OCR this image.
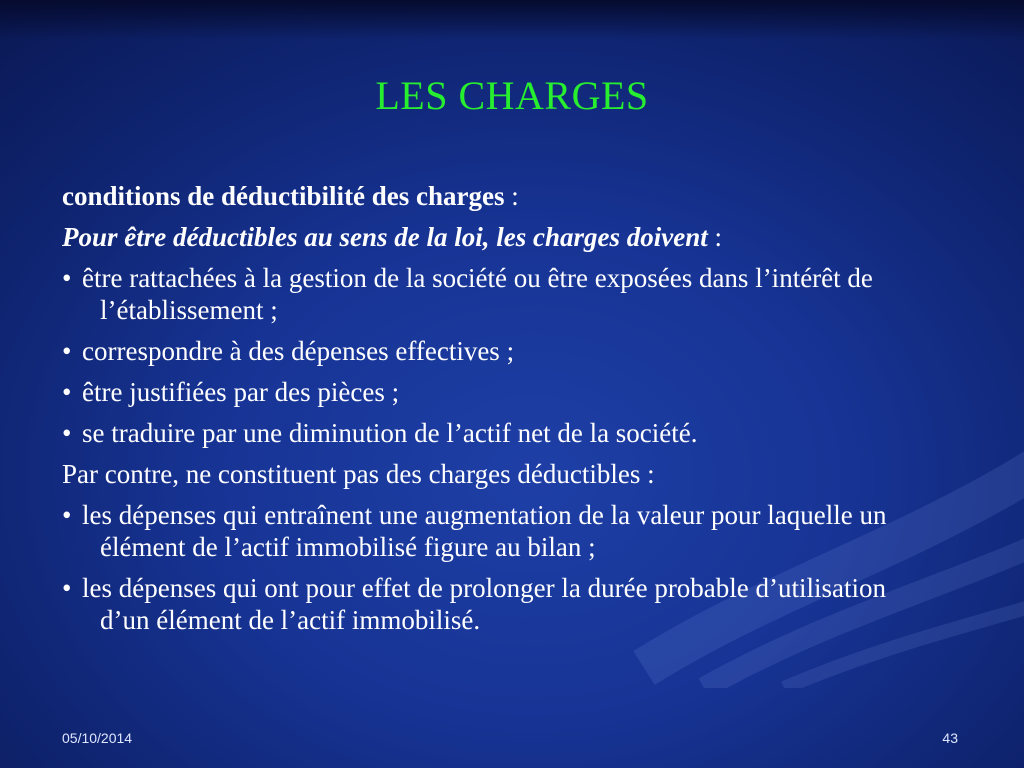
LES CHARGES

conditions de déductibilité des charges :

Pour être déductibles au sens de la loi, les charges doivent :

• être rattachées à la gestion de la société ou être exposées dans l’intérêt de l’établissement ;

• correspondre à des dépenses effectives ;

• être justifiées par des pièces ;

• se traduire par une diminution de l’actif net de la société.

Par contre, ne constituent pas des charges déductibles :

• les dépenses qui entraînent une augmentation de la valeur pour laquelle un élément de l’actif immobilisé figure au bilan ;

• les dépenses qui ont pour effet de prolonger la durée probable d’utilisation d’un élément de l’actif immobilisé.

05/10/2014	43
